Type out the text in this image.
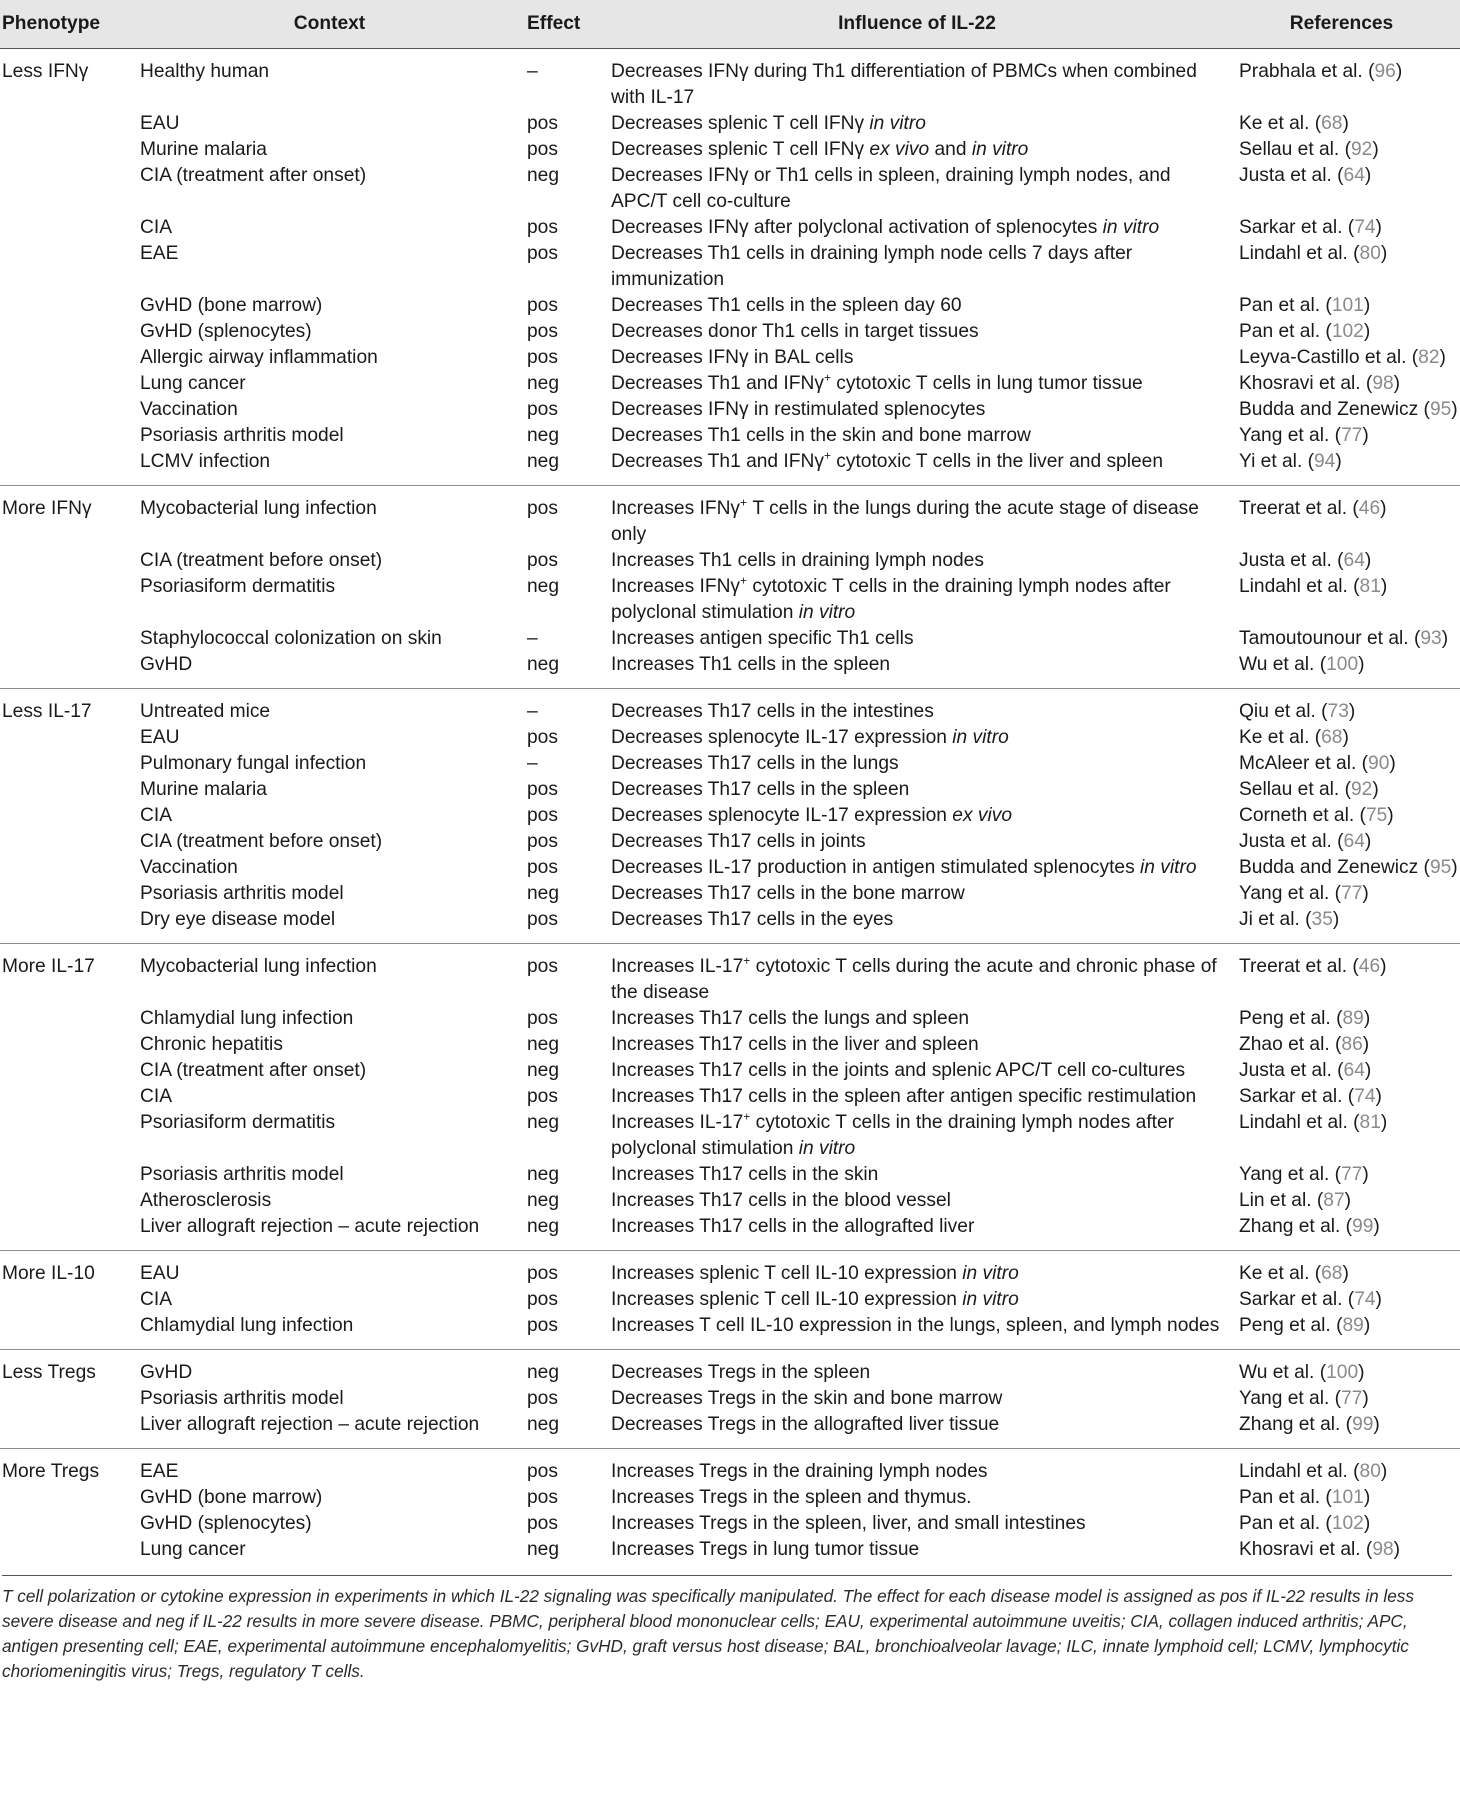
Phenotype	Context	Effect	Influence of IL-22	References
Less IFNγ	Healthy human	–	Decreases IFNγ during Th1 differentiation of PBMCs when combined with IL-17	Prabhala et al. (96)
	EAU	pos	Decreases splenic T cell IFNγ in vitro	Ke et al. (68)
	Murine malaria	pos	Decreases splenic T cell IFNγ ex vivo and in vitro	Sellau et al. (92)
	CIA (treatment after onset)	neg	Decreases IFNγ or Th1 cells in spleen, draining lymph nodes, and APC/T cell co-culture	Justa et al. (64)
	CIA	pos	Decreases IFNγ after polyclonal activation of splenocytes in vitro	Sarkar et al. (74)
	EAE	pos	Decreases Th1 cells in draining lymph node cells 7 days after immunization	Lindahl et al. (80)
	GvHD (bone marrow)	pos	Decreases Th1 cells in the spleen day 60	Pan et al. (101)
	GvHD (splenocytes)	pos	Decreases donor Th1 cells in target tissues	Pan et al. (102)
	Allergic airway inflammation	pos	Decreases IFNγ in BAL cells	Leyva-Castillo et al. (82)
	Lung cancer	neg	Decreases Th1 and IFNγ+ cytotoxic T cells in lung tumor tissue	Khosravi et al. (98)
	Vaccination	pos	Decreases IFNγ in restimulated splenocytes	Budda and Zenewicz (95)
	Psoriasis arthritis model	neg	Decreases Th1 cells in the skin and bone marrow	Yang et al. (77)
	LCMV infection	neg	Decreases Th1 and IFNγ+ cytotoxic T cells in the liver and spleen	Yi et al. (94)
More IFNγ	Mycobacterial lung infection	pos	Increases IFNγ+ T cells in the lungs during the acute stage of disease only	Treerat et al. (46)
	CIA (treatment before onset)	pos	Increases Th1 cells in draining lymph nodes	Justa et al. (64)
	Psoriasiform dermatitis	neg	Increases IFNγ+ cytotoxic T cells in the draining lymph nodes after polyclonal stimulation in vitro	Lindahl et al. (81)
	Staphylococcal colonization on skin	–	Increases antigen specific Th1 cells	Tamoutounour et al. (93)
	GvHD	neg	Increases Th1 cells in the spleen	Wu et al. (100)
Less IL-17	Untreated mice	–	Decreases Th17 cells in the intestines	Qiu et al. (73)
	EAU	pos	Decreases splenocyte IL-17 expression in vitro	Ke et al. (68)
	Pulmonary fungal infection	–	Decreases Th17 cells in the lungs	McAleer et al. (90)
	Murine malaria	pos	Decreases Th17 cells in the spleen	Sellau et al. (92)
	CIA	pos	Decreases splenocyte IL-17 expression ex vivo	Corneth et al. (75)
	CIA (treatment before onset)	pos	Decreases Th17 cells in joints	Justa et al. (64)
	Vaccination	pos	Decreases IL-17 production in antigen stimulated splenocytes in vitro	Budda and Zenewicz (95)
	Psoriasis arthritis model	neg	Decreases Th17 cells in the bone marrow	Yang et al. (77)
	Dry eye disease model	pos	Decreases Th17 cells in the eyes	Ji et al. (35)
More IL-17	Mycobacterial lung infection	pos	Increases IL-17+ cytotoxic T cells during the acute and chronic phase of the disease	Treerat et al. (46)
	Chlamydial lung infection	pos	Increases Th17 cells the lungs and spleen	Peng et al. (89)
	Chronic hepatitis	neg	Increases Th17 cells in the liver and spleen	Zhao et al. (86)
	CIA (treatment after onset)	neg	Increases Th17 cells in the joints and splenic APC/T cell co-cultures	Justa et al. (64)
	CIA	pos	Increases Th17 cells in the spleen after antigen specific restimulation	Sarkar et al. (74)
	Psoriasiform dermatitis	neg	Increases IL-17+ cytotoxic T cells in the draining lymph nodes after polyclonal stimulation in vitro	Lindahl et al. (81)
	Psoriasis arthritis model	neg	Increases Th17 cells in the skin	Yang et al. (77)
	Atherosclerosis	neg	Increases Th17 cells in the blood vessel	Lin et al. (87)
	Liver allograft rejection – acute rejection	neg	Increases Th17 cells in the allografted liver	Zhang et al. (99)
More IL-10	EAU	pos	Increases splenic T cell IL-10 expression in vitro	Ke et al. (68)
	CIA	pos	Increases splenic T cell IL-10 expression in vitro	Sarkar et al. (74)
	Chlamydial lung infection	pos	Increases T cell IL-10 expression in the lungs, spleen, and lymph nodes	Peng et al. (89)
Less Tregs	GvHD	neg	Decreases Tregs in the spleen	Wu et al. (100)
	Psoriasis arthritis model	pos	Decreases Tregs in the skin and bone marrow	Yang et al. (77)
	Liver allograft rejection – acute rejection	neg	Decreases Tregs in the allografted liver tissue	Zhang et al. (99)
More Tregs	EAE	pos	Increases Tregs in the draining lymph nodes	Lindahl et al. (80)
	GvHD (bone marrow)	pos	Increases Tregs in the spleen and thymus.	Pan et al. (101)
	GvHD (splenocytes)	pos	Increases Tregs in the spleen, liver, and small intestines	Pan et al. (102)
	Lung cancer	neg	Increases Tregs in lung tumor tissue	Khosravi et al. (98)
T cell polarization or cytokine expression in experiments in which IL-22 signaling was specifically manipulated. The effect for each disease model is assigned as pos if IL-22 results in less severe disease and neg if IL-22 results in more severe disease. PBMC, peripheral blood mononuclear cells; EAU, experimental autoimmune uveitis; CIA, collagen induced arthritis; APC, antigen presenting cell; EAE, experimental autoimmune encephalomyelitis; GvHD, graft versus host disease; BAL, bronchioalveolar lavage; ILC, innate lymphoid cell; LCMV, lymphocytic choriomeningitis virus; Tregs, regulatory T cells.
